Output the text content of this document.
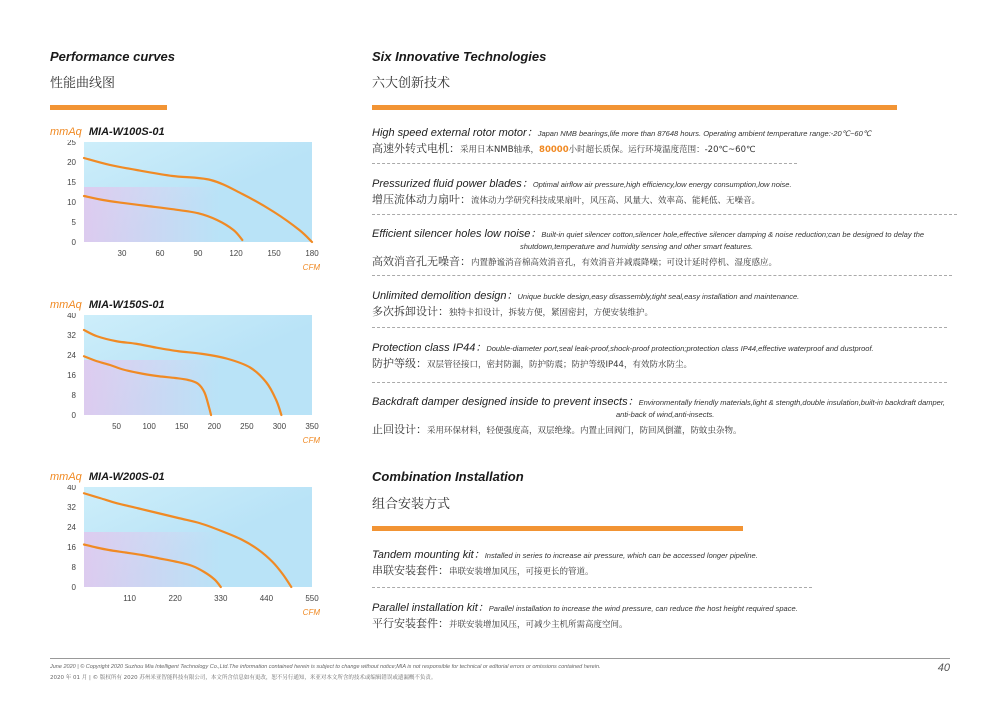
Performance curves
性能曲线图
mmAq MIA-W100S-01
0
5
10
15
20
25
30	60	90	120	150	180
CFM
mmAq MIA-W150S-01
0
8
16
24
32
40
50	100 150 200 250 300 350
CFM
mmAq MIA-W200S-01
0
8
16
24
32
40
110	220	330	440	550
CFM
Six Innovative Technologies
六大创新技术
High speed external rotor motor：Japan NMB bearings,life more than 87648 hours. Operating ambient temperature range:-20℃~60℃
高速外转式电机：采用日本NMB轴承，80000小时超长质保。运行环境温度范围：-20℃~60℃
Pressurized fluid power blades：Optimal airflow air pressure,high efficiency,low energy consumption,low noise.
增压流体动力扇叶：流体动力学研究科技成果扇叶，风压高、风量大、效率高、能耗低、无噪音。
Efficient silencer holes low noise：Built-in quiet silencer cotton,silencer hole,effective silencer damping & noise reduction;can be designed to delay the shutdown,temperature and humidity sensing and other smart features.
高效消音孔无噪音：内置静谧消音棉高效消音孔，有效消音并减震降噪；可设计延时停机、湿度感应。
Unlimited demolition design：Unique buckle design,easy disassembly,tight seal,easy installation and maintenance.
多次拆卸设计：独特卡扣设计，拆装方便，紧固密封，方便安装维护。
Protection class IP44：Double-diameter port,seal leak-proof,shock-proof protection;protection class IP44,effective waterproof and dustproof.
防护等级：双层管径接口，密封防漏，防护防震；防护等级IP44，有效防水防尘。
Backdraft damper designed inside to prevent insects：Environmentally friendly materials,light & stength,double insulation,built-in backdraft damper, anti-back of wind,anti-insects.
止回设计：采用环保材料，轻便强度高，双层绝缘。内置止回阀门，防回风倒灌，防蚊虫杂物。
Combination Installation
组合安装方式
Tandem mounting kit：Installed in series to increase air pressure, which can be accessed longer pipeline.
串联安装套件：串联安装增加风压，可接更长的管道。
Parallel installation kit：Parallel installation to increase the wind pressure, can reduce the host height required space.
平行安装套件：并联安装增加风压，可减少主机所需高度空间。
June 2020 | © Copyright 2020 Suzhou Mia Intelligent Technology Co.,Ltd.The information contained herein is subject to change without notice;MIA is not responsible for technical or editorial errors or omissions contained herein.
2020 年 01 月 | © 版权所有 2020 苏州米亚智能科技有限公司，本文所含信息如有更改，恕不另行通知，米亚对本文所含的技术或编辑错误或遗漏概不负责。
40
